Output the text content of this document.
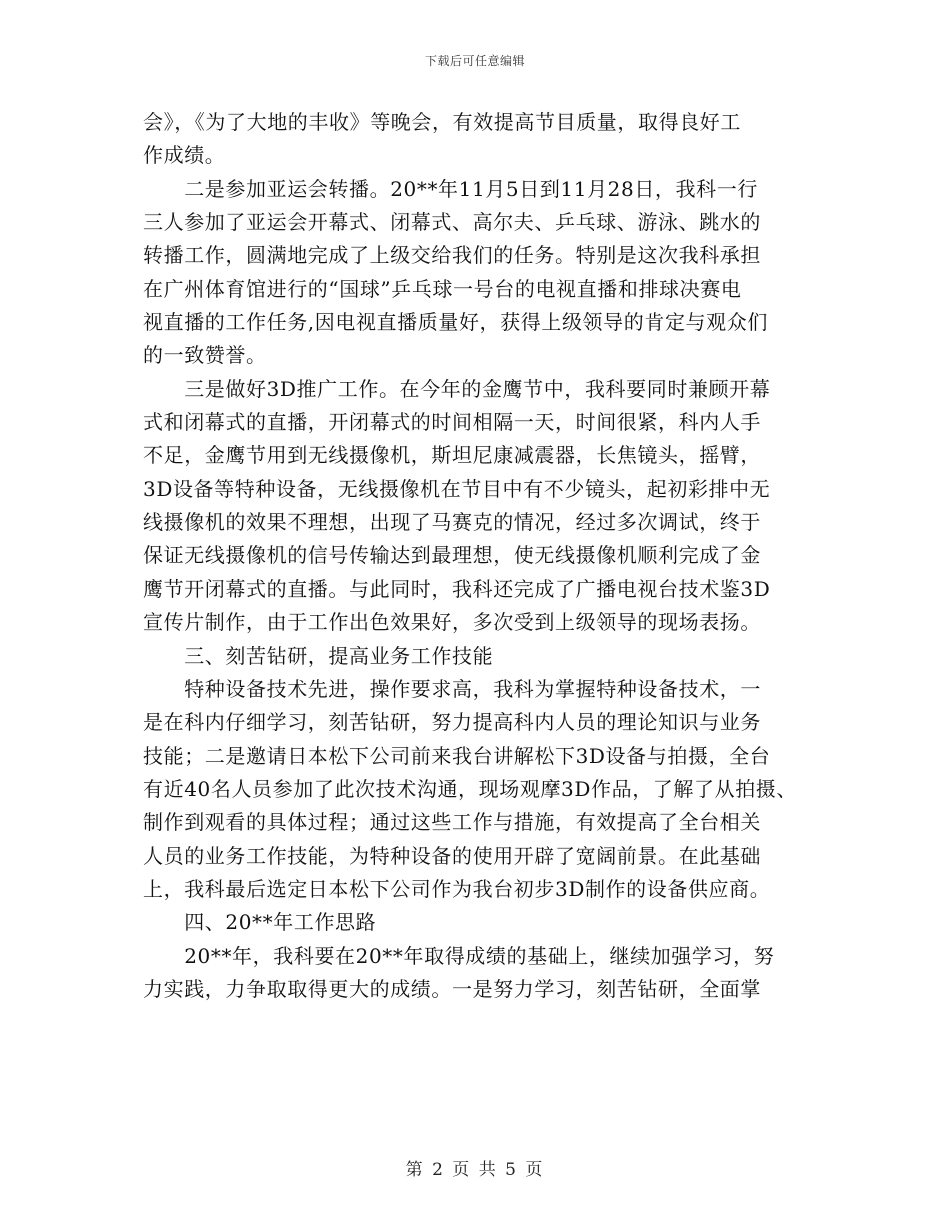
下载后可任意编辑
会》，《为了大地的丰收》等晚会，有效提高节目质量，取得良好工
作成绩。
　　二是参加亚运会转播。20**年11月5日到11月28日，我科一行
三人参加了亚运会开幕式、闭幕式、高尔夫、乒乓球、游泳、跳水的
转播工作，圆满地完成了上级交给我们的任务。特别是这次我科承担
在广州体育馆进行的“国球”乒乓球一号台的电视直播和排球决赛电
视直播的工作任务,因电视直播质量好，获得上级领导的肯定与观众们
的一致赞誉。
　　三是做好3D推广工作。在今年的金鹰节中，我科要同时兼顾开幕
式和闭幕式的直播，开闭幕式的时间相隔一天，时间很紧，科内人手
不足，金鹰节用到无线摄像机，斯坦尼康减震器，长焦镜头，摇臂，
3D设备等特种设备，无线摄像机在节目中有不少镜头，起初彩排中无
线摄像机的效果不理想，出现了马赛克的情况，经过多次调试，终于
保证无线摄像机的信号传输达到最理想，使无线摄像机顺利完成了金
鹰节开闭幕式的直播。与此同时，我科还完成了广播电视台技术鉴3D
宣传片制作，由于工作出色效果好，多次受到上级领导的现场表扬。
　　三、刻苦钻研，提高业务工作技能
　　特种设备技术先进，操作要求高，我科为掌握特种设备技术，一
是在科内仔细学习，刻苦钻研，努力提高科内人员的理论知识与业务
技能；二是邀请日本松下公司前来我台讲解松下3D设备与拍摄，全台
有近40名人员参加了此次技术沟通，现场观摩3D作品，了解了从拍摄、
制作到观看的具体过程；通过这些工作与措施，有效提高了全台相关
人员的业务工作技能，为特种设备的使用开辟了宽阔前景。在此基础
上，我科最后选定日本松下公司作为我台初步3D制作的设备供应商。
　　四、20**年工作思路
　　20**年，我科要在20**年取得成绩的基础上，继续加强学习，努
力实践，力争取取得更大的成绩。一是努力学习，刻苦钻研，全面掌
第 2 页 共 5 页
